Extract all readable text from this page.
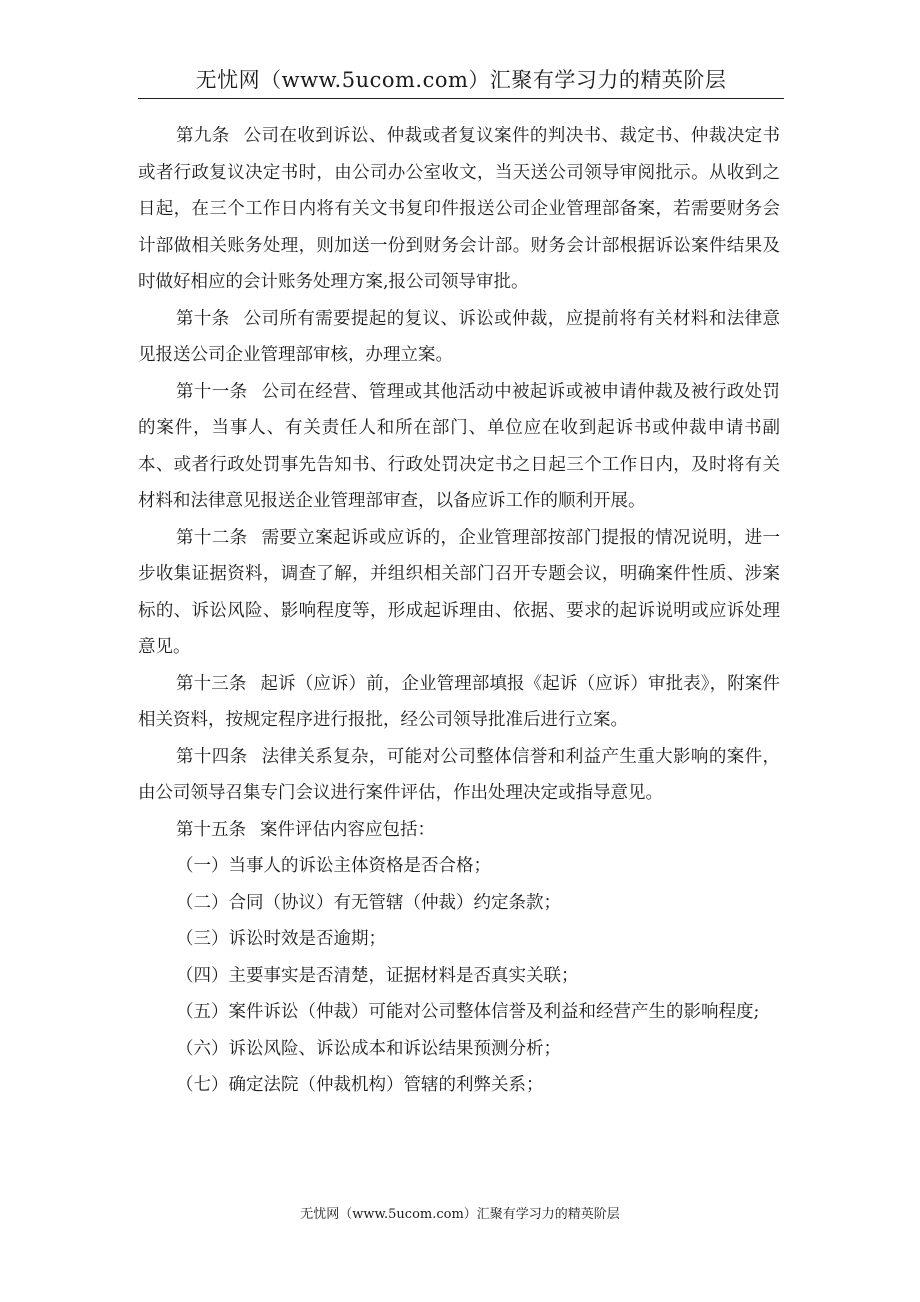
无忧网（www.5ucom.com）汇聚有学习力的精英阶层

第九条 公司在收到诉讼、仲裁或者复议案件的判决书、裁定书、仲裁决定书或者行政复议决定书时，由公司办公室收文，当天送公司领导审阅批示。从收到之日起，在三个工作日内将有关文书复印件报送公司企业管理部备案，若需要财务会计部做相关账务处理，则加送一份到财务会计部。财务会计部根据诉讼案件结果及时做好相应的会计账务处理方案,报公司领导审批。

第十条 公司所有需要提起的复议、诉讼或仲裁，应提前将有关材料和法律意见报送公司企业管理部审核，办理立案。

第十一条 公司在经营、管理或其他活动中被起诉或被申请仲裁及被行政处罚的案件，当事人、有关责任人和所在部门、单位应在收到起诉书或仲裁申请书副本、或者行政处罚事先告知书、行政处罚决定书之日起三个工作日内，及时将有关材料和法律意见报送企业管理部审查，以备应诉工作的顺利开展。

第十二条 需要立案起诉或应诉的，企业管理部按部门提报的情况说明，进一步收集证据资料，调查了解，并组织相关部门召开专题会议，明确案件性质、涉案标的、诉讼风险、影响程度等，形成起诉理由、依据、要求的起诉说明或应诉处理意见。

第十三条 起诉（应诉）前，企业管理部填报《起诉（应诉）审批表》，附案件相关资料，按规定程序进行报批，经公司领导批准后进行立案。

第十四条 法律关系复杂，可能对公司整体信誉和利益产生重大影响的案件，由公司领导召集专门会议进行案件评估，作出处理决定或指导意见。

第十五条 案件评估内容应包括：

（一）当事人的诉讼主体资格是否合格；

（二）合同（协议）有无管辖（仲裁）约定条款；

（三）诉讼时效是否逾期；

（四）主要事实是否清楚，证据材料是否真实关联；

（五）案件诉讼（仲裁）可能对公司整体信誉及利益和经营产生的影响程度;

（六）诉讼风险、诉讼成本和诉讼结果预测分析；

（七）确定法院（仲裁机构）管辖的利弊关系；

无忧网（www.5ucom.com）汇聚有学习力的精英阶层
